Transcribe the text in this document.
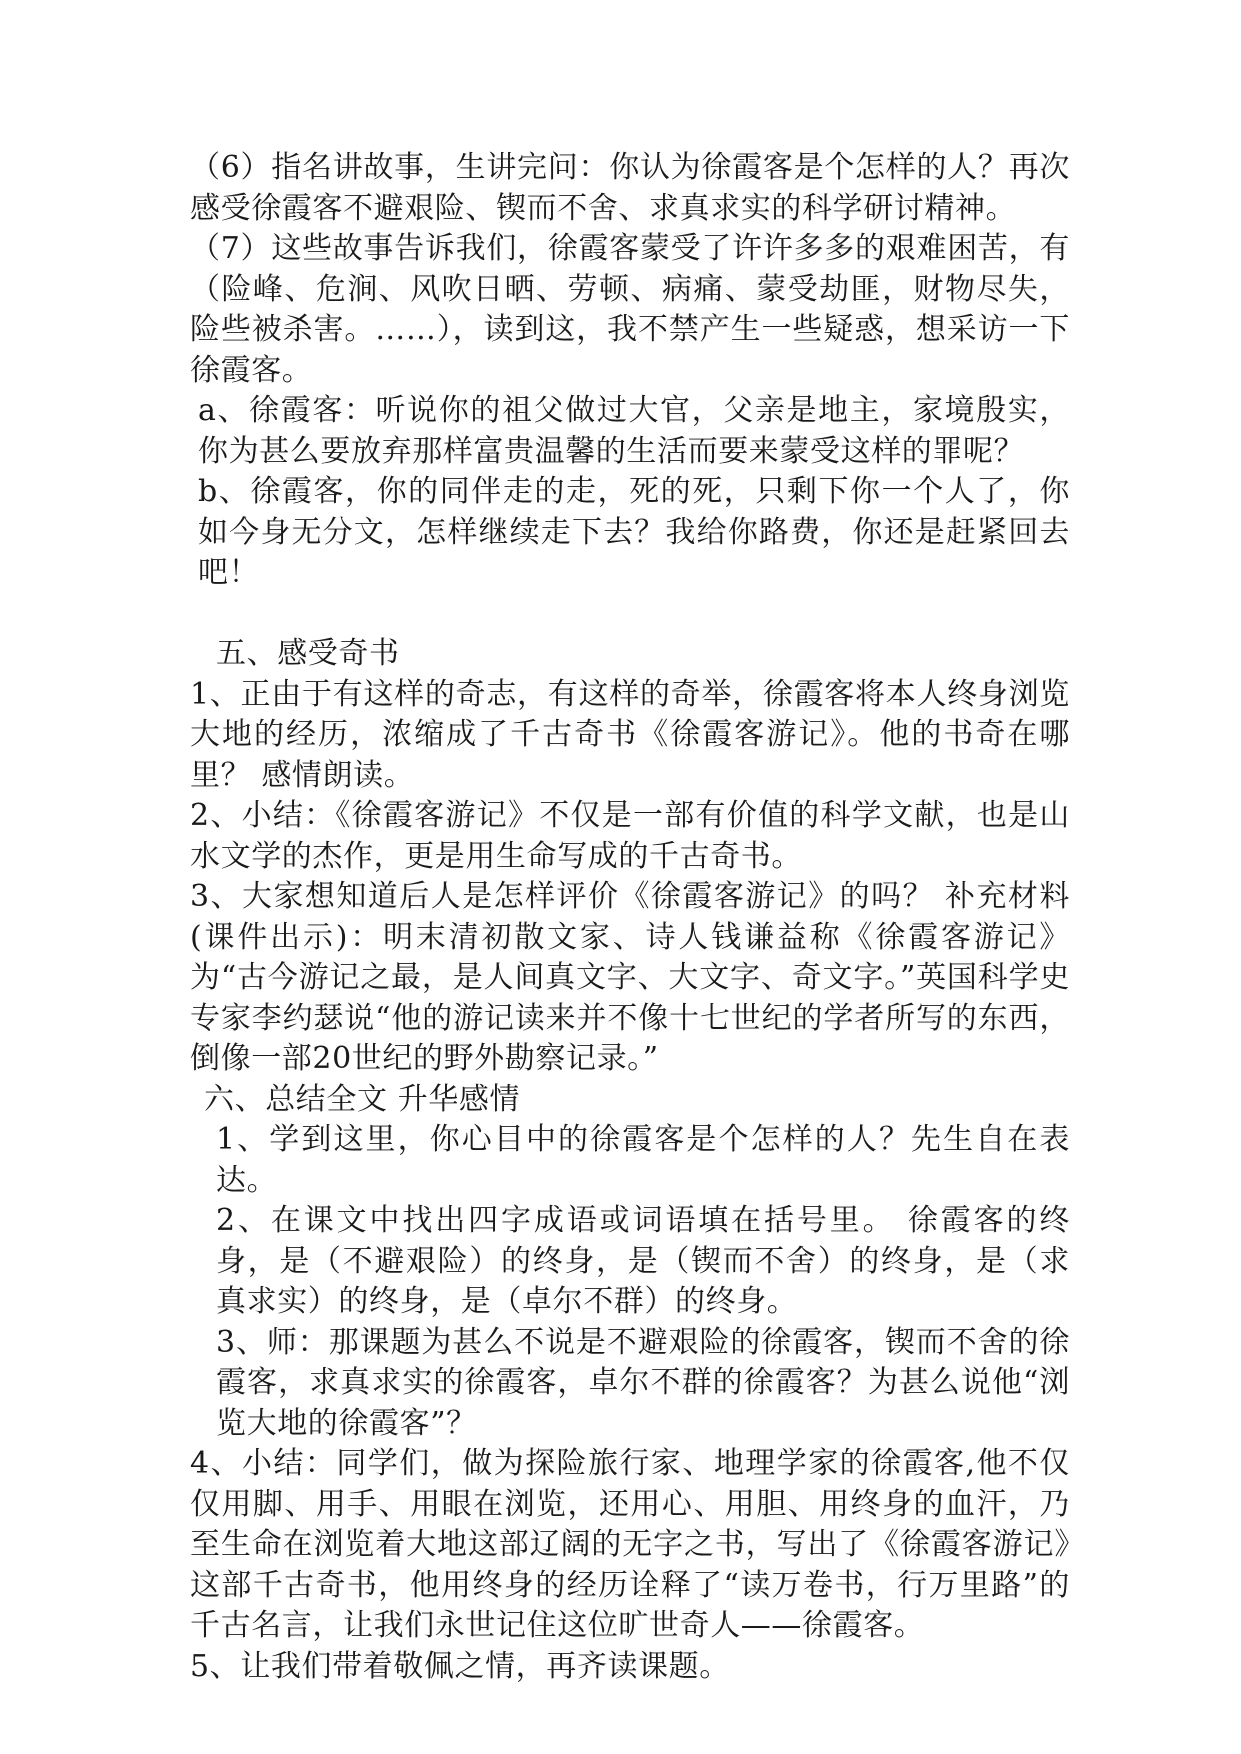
（6）指名讲故事，生讲完问：你认为徐霞客是个怎样的人？再次感受徐霞客不避艰险、锲而不舍、求真求实的科学研讨精神。

（7）这些故事告诉我们，徐霞客蒙受了许许多多的艰难困苦，有（险峰、危涧、风吹日晒、劳顿、病痛、蒙受劫匪，财物尽失，险些被杀害。……），读到这，我不禁产生一些疑惑，想采访一下徐霞客。

a、徐霞客：听说你的祖父做过大官，父亲是地主，家境殷实，你为甚么要放弃那样富贵温馨的生活而要来蒙受这样的罪呢？

b、徐霞客，你的同伴走的走，死的死，只剩下你一个人了，你如今身无分文，怎样继续走下去？我给你路费，你还是赶紧回去吧！

五、感受奇书

1、正由于有这样的奇志，有这样的奇举，徐霞客将本人终身浏览大地的经历，浓缩成了千古奇书《徐霞客游记》。他的书奇在哪里？ 感情朗读。

2、小结：《徐霞客游记》不仅是一部有价值的科学文献，也是山水文学的杰作，更是用生命写成的千古奇书。

3、大家想知道后人是怎样评价《徐霞客游记》的吗？ 补充材料(课件出示)：明末清初散文家、诗人钱谦益称《徐霞客游记》为“古今游记之最，是人间真文字、大文字、奇文字。”英国科学史专家李约瑟说“他的游记读来并不像十七世纪的学者所写的东西，倒像一部20世纪的野外勘察记录。”

六、总结全文 升华感情

1、学到这里，你心目中的徐霞客是个怎样的人？先生自在表达。

2、在课文中找出四字成语或词语填在括号里。 徐霞客的终身，是（不避艰险）的终身，是（锲而不舍）的终身，是（求真求实）的终身，是（卓尔不群）的终身。

3、师：那课题为甚么不说是不避艰险的徐霞客，锲而不舍的徐霞客，求真求实的徐霞客，卓尔不群的徐霞客？为甚么说他“浏览大地的徐霞客”？

4、小结：同学们，做为探险旅行家、地理学家的徐霞客,他不仅仅用脚、用手、用眼在浏览，还用心、用胆、用终身的血汗，乃至生命在浏览着大地这部辽阔的无字之书，写出了《徐霞客游记》这部千古奇书，他用终身的经历诠释了“读万卷书，行万里路”的千古名言，让我们永世记住这位旷世奇人——徐霞客。

5、让我们带着敬佩之情，再齐读课题。
